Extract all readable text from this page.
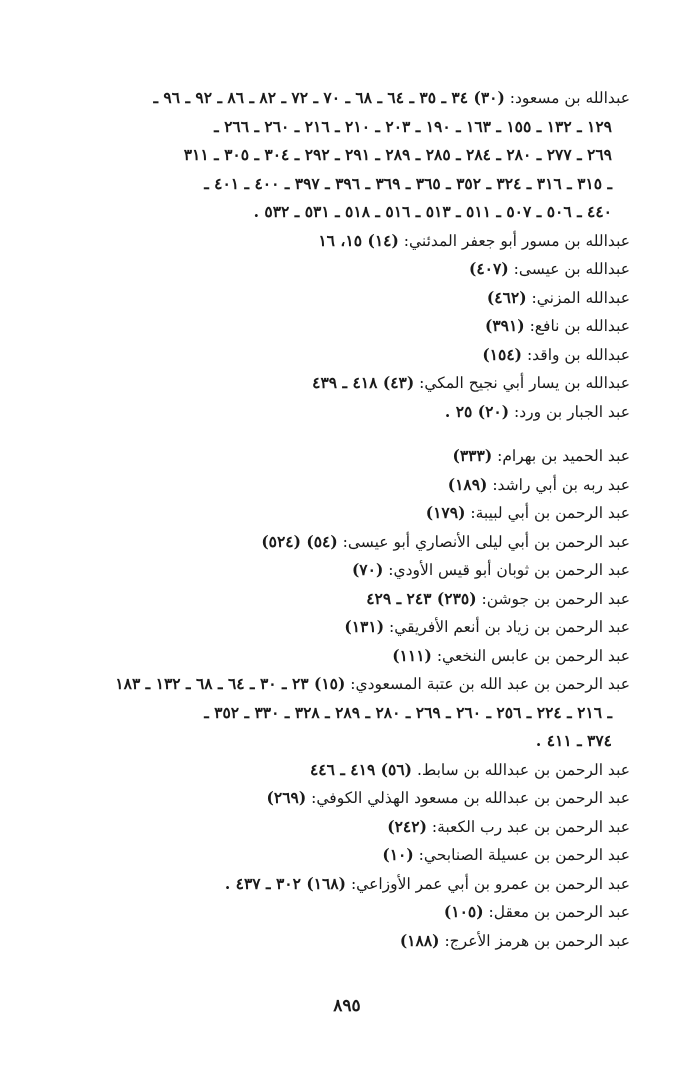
عبدالله بن مسعود: (٣٠) ٣٤ ـ ٣٥ ـ ٦٤ ـ ٦٨ ـ ٧٠ ـ ٧٢ ـ ٨٢ ـ ٨٦ ـ ٩٢ ـ ٩٦ ـ
١٢٩ ـ ١٣٢ ـ ١٥٥ ـ ١٦٣ ـ ١٩٠ ـ ٢٠٣ ـ ٢١٠ ـ ٢١٦ ـ ٢٦٠ ـ ٢٦٦ ـ
٢٦٩ ـ ٢٧٧ ـ ٢٨٠ ـ ٢٨٤ ـ ٢٨٥ ـ ٢٨٩ ـ ٢٩١ ـ ٢٩٢ ـ ٣٠٤ ـ ٣٠٥ ـ ٣١١
ـ ٣١٥ ـ ٣١٦ ـ ٣٢٤ ـ ٣٥٢ ـ ٣٦٥ ـ ٣٦٩ ـ ٣٩٦ ـ ٣٩٧ ـ ٤٠٠ ـ ٤٠١ ـ
٤٤٠ ـ ٥٠٦ ـ ٥٠٧ ـ ٥١١ ـ ٥١٣ ـ ٥١٦ ـ ٥١٨ ـ ٥٣١ ـ ٥٣٢ .
عبدالله بن مسور أبو جعفر المدئني: (١٤) ١٥، ١٦
عبدالله بن عيسى: (٤٠٧)
عبدالله المزني: (٤٦٢)
عبدالله بن نافع: (٣٩١)
عبدالله بن واقد: (١٥٤)
عبدالله بن يسار أبي نجيح المكي: (٤٣) ٤١٨ ـ ٤٣٩
عبد الجبار بن ورد: (٢٠) ٢٥ .
عبد الحميد بن بهرام: (٣٣٣)
عبد ربه بن أبي راشد: (١٨٩)
عبد الرحمن بن أبي لبيبة: (١٧٩)
عبد الرحمن بن أبي ليلى الأنصاري أبو عيسى: (٥٤) (٥٢٤)
عبد الرحمن بن ثوبان أبو قيس الأودي: (٧٠)
عبد الرحمن بن جوشن: (٢٣٥) ٢٤٣ ـ ٤٢٩
عبد الرحمن بن زياد بن أنعم الأفريقي: (١٣١)
عبد الرحمن بن عابس النخعي: (١١١)
عبد الرحمن بن عبد الله بن عتبة المسعودي: (١٥) ٢٣ ـ ٣٠ ـ ٦٤ ـ ٦٨ ـ ١٣٢ ـ ١٨٣
ـ ٢١٦ ـ ٢٢٤ ـ ٢٥٦ ـ ٢٦٠ ـ ٢٦٩ ـ ٢٨٠ ـ ٢٨٩ ـ ٣٢٨ ـ ٣٣٠ ـ ٣٥٢ ـ
٣٧٤ ـ ٤١١ .
عبد الرحمن بن عبدالله بن سابط. (٥٦) ٤١٩ ـ ٤٤٦
عبد الرحمن بن عبدالله بن مسعود الهذلي الكوفي: (٢٦٩)
عبد الرحمن بن عبد رب الكعبة: (٢٤٢)
عبد الرحمن بن عسيلة الصنابحي: (١٠)
عبد الرحمن بن عمرو بن أبي عمر الأوزاعي: (١٦٨) ٣٠٢ ـ ٤٣٧ .
عبد الرحمن بن معقل: (١٠٥)
عبد الرحمن بن هرمز الأعرج: (١٨٨)
٨٩٥
